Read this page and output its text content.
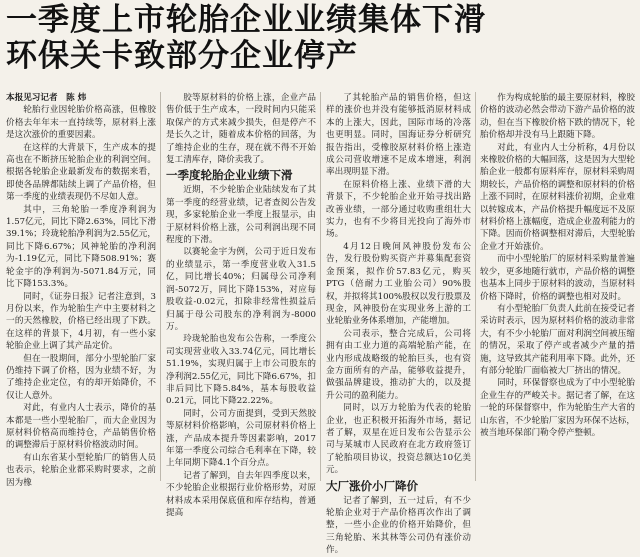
一季度上市轮胎企业业绩集体下滑
环保关卡致部分企业停产

本报见习记者　陈 炜

轮胎行业因轮胎价格高涨，但橡胶价格去年年末一直持续等，原材料上涨是这次涨价的重要因素。

在这样的大背景下，生产成本的提高也在不断挤压轮胎企业的利润空间。根据各轮胎企业最新发布的数据来看，即使各品牌都陆续上调了产品价格，但第一季度的业绩表现仍不尽如人意。

其中，三角轮胎一季度净利润为1.57亿元，同比下降2.63%，同比下滑39.1%；玲珑轮胎净利润为2.55亿元，同比下降6.67%；风神轮胎的净利润为-1.19亿元，同比下降508.91%；赛轮金宇的净利润为-5071.84万元，同比下降153.3%。

同时，《证券日报》记者注意到，3月份以来，作为轮胎生产中主要材料之一的天然橡胶，价格已经出现了下跌。在这样的背景下，4月初，有一些小家轮胎企业上调了其产品定价。

但在一股期间，部分小型轮胎厂家仍维持下调了价格，因为业绩不好，为了维持企业定位，有的却开始降价，不仅让人意外。

对此，有业内人士表示，降价的基本都是一些小型轮胎厂，而大企业因为原材料价格高而维持仓，产品销售价格的调整滞后于原材料价格波动时间。

有山东省某小型轮胎厂的销售人员也表示，轮胎企业都采购时要求，之前因为橡

胶等原材料的价格上涨，企业产品售价低于生产成本，一段时间内只能采取保产的方式来减少损失，但是停产不是长久之计，随着成本价格的回落，为了维持企业的生存，现在就不得不开始复工清库存，降价卖我了。

一季度轮胎企业业绩下滑

近期，不少轮胎企业陆续发布了其第一季度的经营业绩，记者查阅公告发现，多家轮胎企业一季度上报显示，由于原材料价格上涨，公司利润出现不同程度的下滑。

以赛轮金宇为例，公司于近日发布的业绩显示，第一季度营业收入31.5亿，同比增长40%；归属母公司净利润-5072万，同比下降153%，对应每股收益-0.02元，扣除非经常性损益后归属于母公司股东的净利润为-8000万。

玲珑轮胎也发布公告称，一季度公司实现营业收入33.74亿元，同比增长51.19%，实现归属于上市公司股东的净利润2.55亿元，同比下降6.67%，扣非后同比下降5.84%，基本每股收益0.21元，同比下降22.22%。

同时，公司方面提到，受到天然胶等原材料价格影响，公司原材料价格上涨，产品成本提升等因素影响，2017年第一季度公司综合毛利率在下降，较上年同期下降4.1个百分点。

记者了解到，自去年四季度以来，不少轮胎企业根据行业价格形势，对原材料成本采用保底值和库存结构，普通提高

了其轮胎产品的销售价格，但这样的涨价也并没有能够抵消原材料成本的上涨大，因此，国际市场的冷落也更明显。同时，国海证券分析研究报告指出，受橡胶原材料价格上涨造成公司营收增速不足成本增速，利润率出现明显下滑。

在原料价格上涨、业绩下滑的大背景下，不少轮胎企业开始寻找出路改善业绩，一部分通过收购重组壮大实力，也有不少将目光投向了海外市场。

4月12日晚间风神股份发布公告，发行股份购买资产并募集配套资金预案，拟作价57.83亿元，购买PTG（倍耐力工业胎公司）90%股权，并拟将其100%股权以发行股票及现金，风神股份在实现业务上游的工业轮胎业务体系增加，产能增加。

公司表示，整合完成后，公司将拥有由工业力道的高端轮胎产能，在业内形成战略级的轮胎巨头，也有资金方面所有的产品，能够收益提升，做强品牌建设，推动扩大的，以及提升公司的盈利能力。

同时，以万力轮胎为代表的轮胎企业，也正积极开拓海外市场，据记者了解，双星在近日发布公告显示公司与某城市人民政府在北方政府签订了轮胎项目协议，投资总额达10亿美元。

大厂涨价小厂降价

记者了解到，五一过后，有不少轮胎企业对于产品价格再次作出了调整，一些小企业的价格开始降价，但三角轮胎、米其林等公司仍有涨价动作。

作为构成轮胎的最主要原材料，橡胶价格的波动必然会带动下游产品价格的波动，但在当下橡胶价格下跌的情况下，轮胎价格却并没有马上跟随下降。

对此，有业内人士分析称，4月份以来橡胶价格的大幅回落，这是因为大型轮胎企业一般都有原料库存，原材料采购周期较长，产品价格的调整和原材料的价格上涨不同时，在原材料涨价初期，企业难以转嫁成本，产品价格提升幅度远不及原材料价格上涨幅度，造成企业盈利能力的下降。因而价格调整相对滞后，大型轮胎企业才开始涨价。

而中小型轮胎厂的原材料采购量普遍较少，更多地随行就市，产品价格的调整也基本上同步于原材料的波动，当原材料价格下降时，价格的调整也相对及时。

有小型轮胎厂负责人此前在接受记者采访时表示，因为原材料价格的波动非常大，有不少小轮胎厂面对利润空间被压缩的情况，采取了停产或者减少产量的措施，这导致其产能利用率下降。此外，还有部分轮胎厂面临被大厂挤出的情况。

同时，环保督察也成为了中小型轮胎企业生存的严峻关卡。据记者了解，在这一轮的环保督察中，作为轮胎生产大省的山东省，不少轮胎厂家因为环保不达标，被当地环保部门勒令停产整顿。
